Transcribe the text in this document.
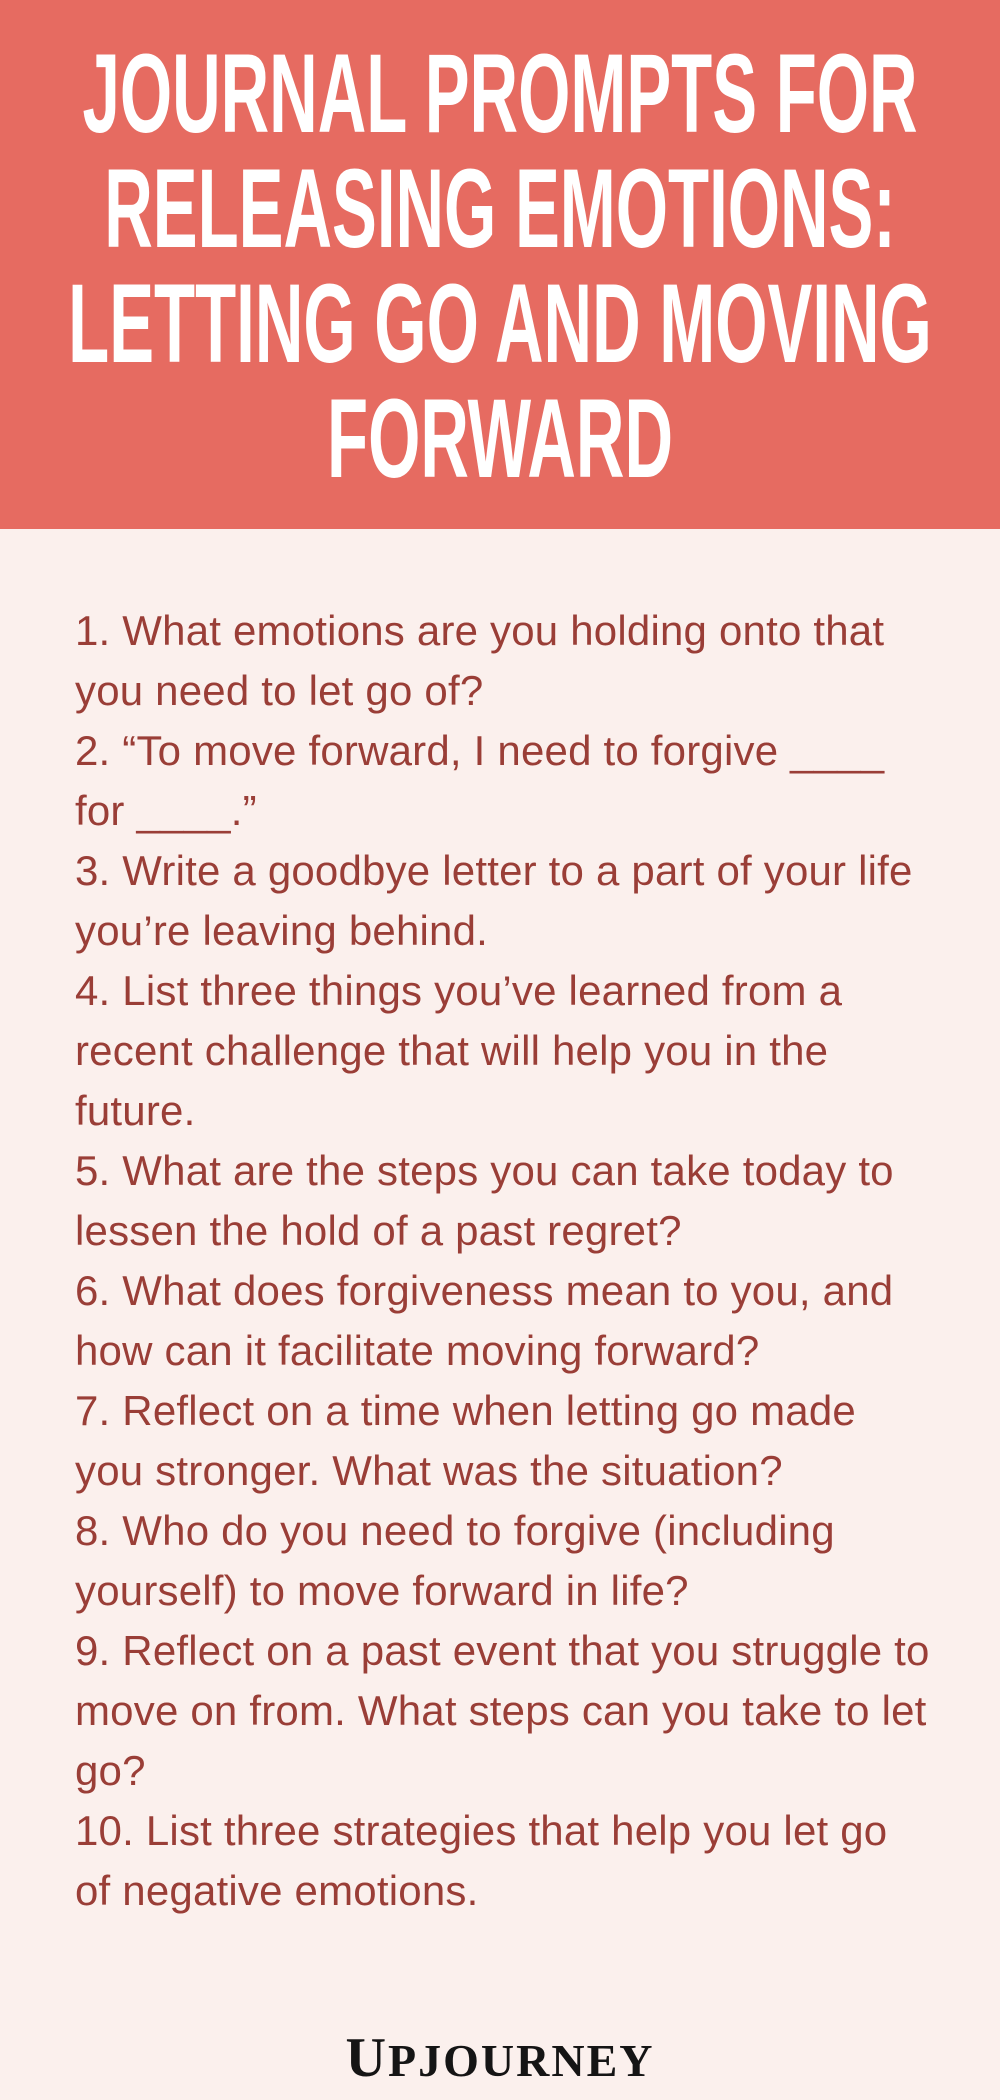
JOURNAL PROMPTS FOR
RELEASING EMOTIONS:
LETTING GO AND MOVING
FORWARD
1. What emotions are you holding onto that you need to let go of?
2. “To move forward, I need to forgive ____ for ____.”
3. Write a goodbye letter to a part of your life you’re leaving behind.
4. List three things you’ve learned from a recent challenge that will help you in the future.
5. What are the steps you can take today to lessen the hold of a past regret?
6. What does forgiveness mean to you, and how can it facilitate moving forward?
7. Reflect on a time when letting go made you stronger. What was the situation?
8. Who do you need to forgive (including yourself) to move forward in life?
9. Reflect on a past event that you struggle to move on from. What steps can you take to let go?
10. List three strategies that help you let go of negative emotions.
UPJOURNEY
